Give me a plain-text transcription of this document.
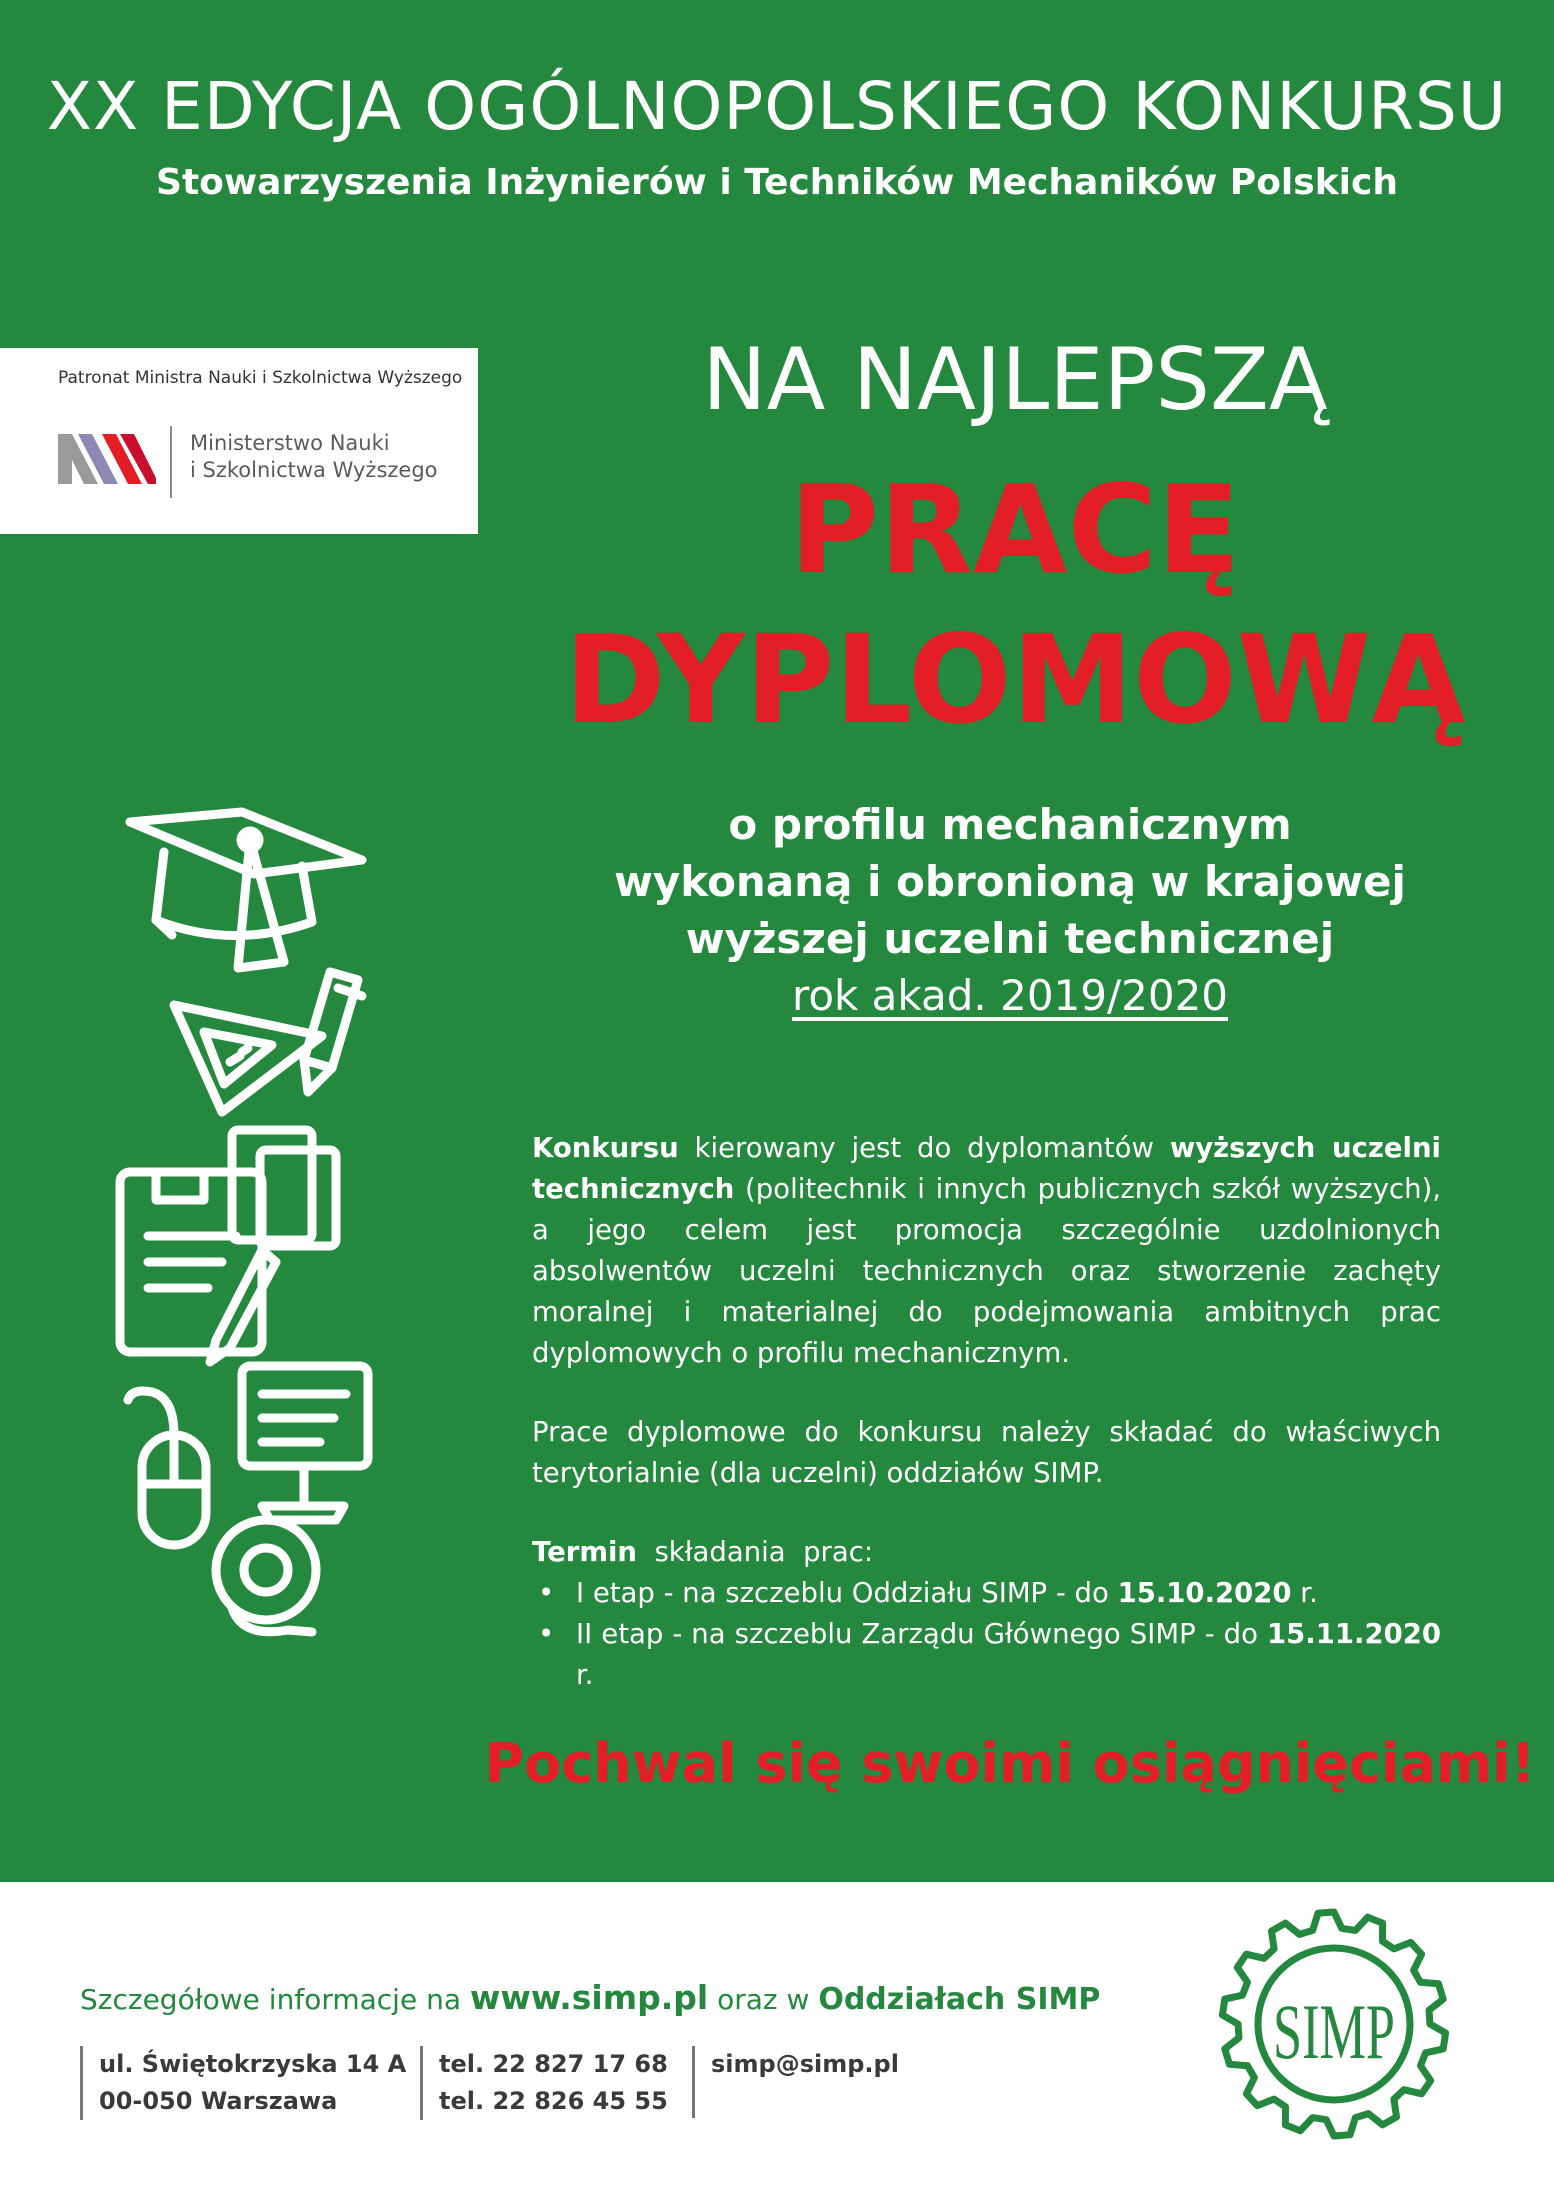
XX EDYCJA OGÓLNOPOLSKIEGO KONKURSU
Stowarzyszenia Inżynierów i Techników Mechaników Polskich
Patronat Ministra Nauki i Szkolnictwa Wyższego
Ministerstwo Nauki
i Szkolnictwa Wyższego
NA NAJLEPSZĄ
PRACĘ
DYPLOMOWĄ
o profilu mechanicznym
wykonaną i obronioną w krajowej
wyższej uczelni technicznej
rok akad. 2019/2020

Konkursu kierowany jest do dyplomantów wyższych uczelni technicznych (politechnik i innych publicznych szkół wyższych), a jego celem jest promocja szczególnie uzdolnionych absolwentów uczelni technicznych oraz stworzenie zachęty moralnej i materialnej do podejmowania ambitnych prac dyplomowych o profilu mechanicznym.

Prace dyplomowe do konkursu należy składać do właściwych terytorialnie (dla uczelni) oddziałów SIMP.

Termin  składania  prac:
• I etap - na szczeblu Oddziału SIMP - do 15.10.2020 r.
• II etap - na szczeblu Zarządu Głównego SIMP - do 15.11.2020 r.
Pochwal się swoimi osiągnięciami!
Szczegółowe informacje na www.simp.pl oraz w Oddziałach SIMP
ul. Świętokrzyska 14 A
00-050 Warszawa
tel. 22 827 17 68
tel. 22 826 45 55
simp@simp.pl	SIMP
